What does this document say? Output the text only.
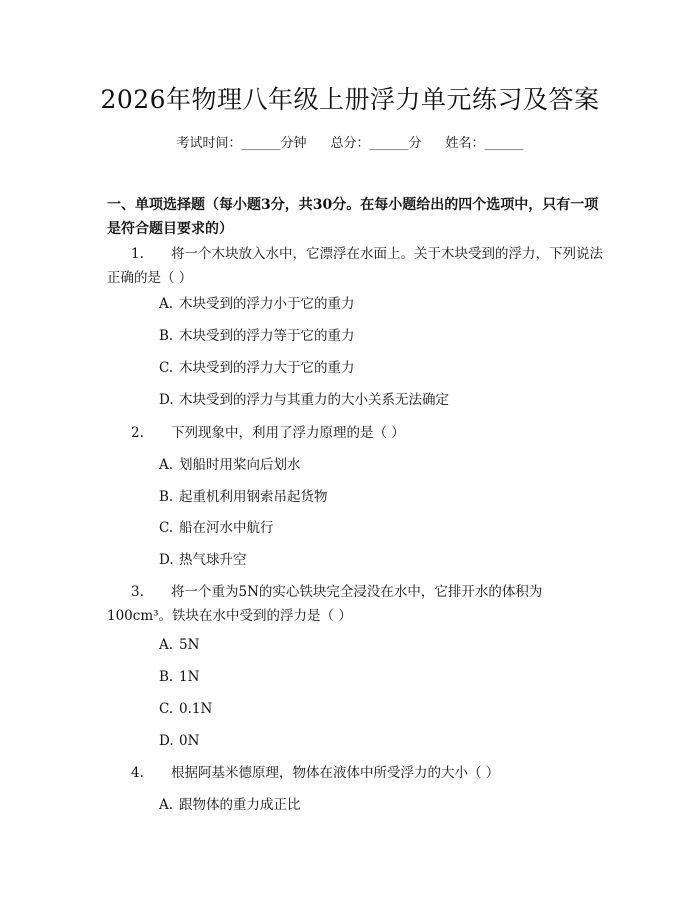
2026年物理八年级上册浮力单元练习及答案
考试时间：______分钟 总分：______分 姓名：______
一、单项选择题（每小题3分，共30分。在每小题给出的四个选项中，只有一项是符合题目要求的）
1. 将一个木块放入水中，它漂浮在水面上。关于木块受到的浮力，下列说法正确的是（ ）
A. 木块受到的浮力小于它的重力
B. 木块受到的浮力等于它的重力
C. 木块受到的浮力大于它的重力
D. 木块受到的浮力与其重力的大小关系无法确定
2. 下列现象中，利用了浮力原理的是（ ）
A. 划船时用桨向后划水
B. 起重机利用钢索吊起货物
C. 船在河水中航行
D. 热气球升空
3. 将一个重为5N的实心铁块完全浸没在水中，它排开水的体积为100cm³。铁块在水中受到的浮力是（ ）
A. 5N
B. 1N
C. 0.1N
D. 0N
4. 根据阿基米德原理，物体在液体中所受浮力的大小（ ）
A. 跟物体的重力成正比
